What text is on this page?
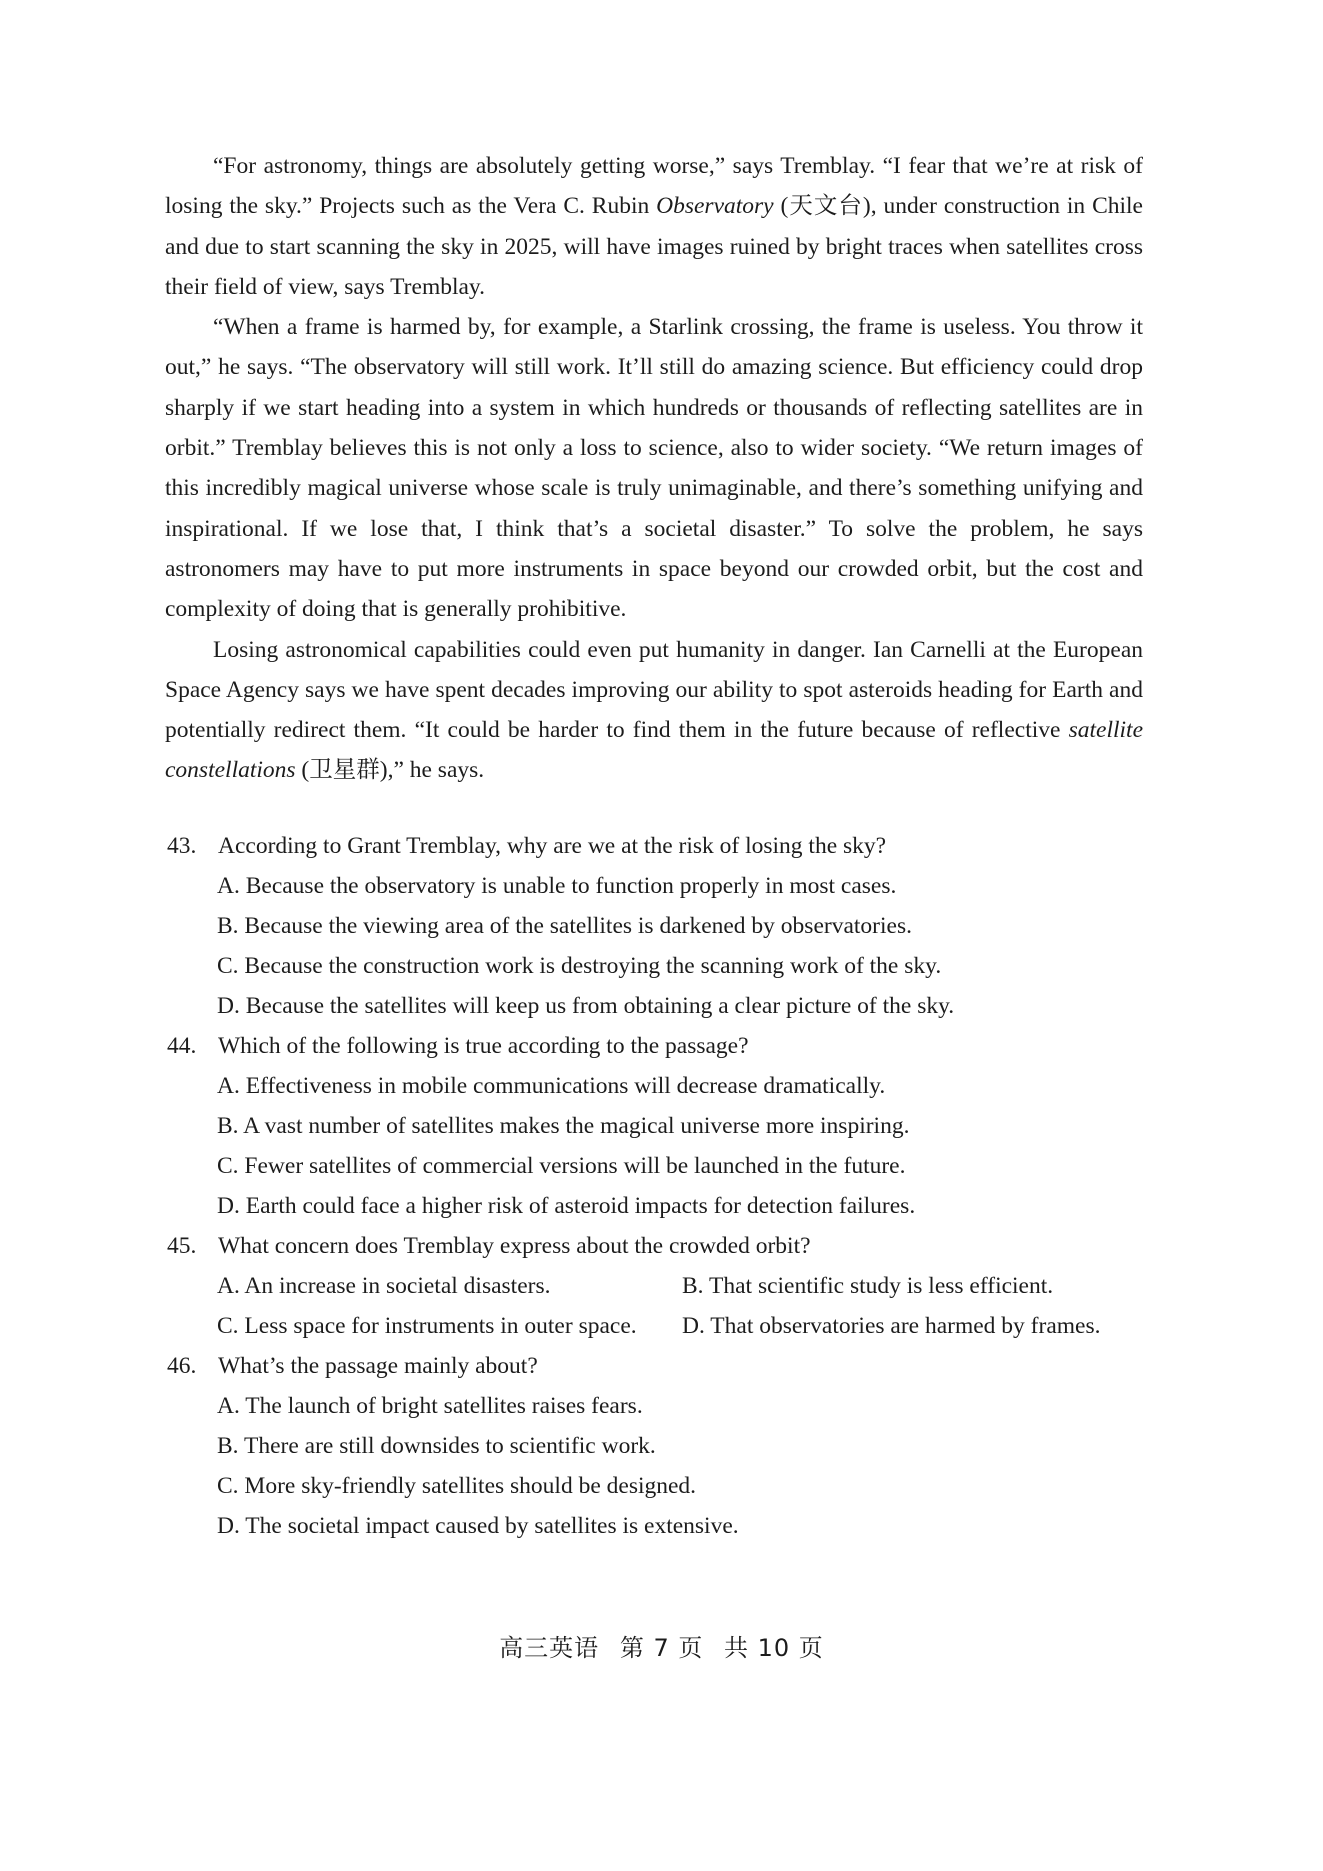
“For astronomy, things are absolutely getting worse,” says Tremblay. “I fear that we’re at risk of losing the sky.” Projects such as the Vera C. Rubin Observatory (天文台), under construction in Chile and due to start scanning the sky in 2025, will have images ruined by bright traces when satellites cross their field of view, says Tremblay.

“When a frame is harmed by, for example, a Starlink crossing, the frame is useless. You throw it out,” he says. “The observatory will still work. It’ll still do amazing science. But efficiency could drop sharply if we start heading into a system in which hundreds or thousands of reflecting satellites are in orbit.” Tremblay believes this is not only a loss to science, also to wider society. “We return images of this incredibly magical universe whose scale is truly unimaginable, and there’s something unifying and inspirational. If we lose that, I think that’s a societal disaster.” To solve the problem, he says astronomers may have to put more instruments in space beyond our crowded orbit, but the cost and complexity of doing that is generally prohibitive.

Losing astronomical capabilities could even put humanity in danger. Ian Carnelli at the European Space Agency says we have spent decades improving our ability to spot asteroids heading for Earth and potentially redirect them. “It could be harder to find them in the future because of reflective satellite constellations (卫星群),” he says.

43. According to Grant Tremblay, why are we at the risk of losing the sky?
A. Because the observatory is unable to function properly in most cases.
B. Because the viewing area of the satellites is darkened by observatories.
C. Because the construction work is destroying the scanning work of the sky.
D. Because the satellites will keep us from obtaining a clear picture of the sky.
44. Which of the following is true according to the passage?
A. Effectiveness in mobile communications will decrease dramatically.
B. A vast number of satellites makes the magical universe more inspiring.
C. Fewer satellites of commercial versions will be launched in the future.
D. Earth could face a higher risk of asteroid impacts for detection failures.
45. What concern does Tremblay express about the crowded orbit?
A. An increase in societal disasters.	B. That scientific study is less efficient.
C. Less space for instruments in outer space.	D. That observatories are harmed by frames.
46. What’s the passage mainly about?
A. The launch of bright satellites raises fears.
B. There are still downsides to scientific work.
C. More sky-friendly satellites should be designed.
D. The societal impact caused by satellites is extensive.
高三英语 第 7 页 共 10 页
